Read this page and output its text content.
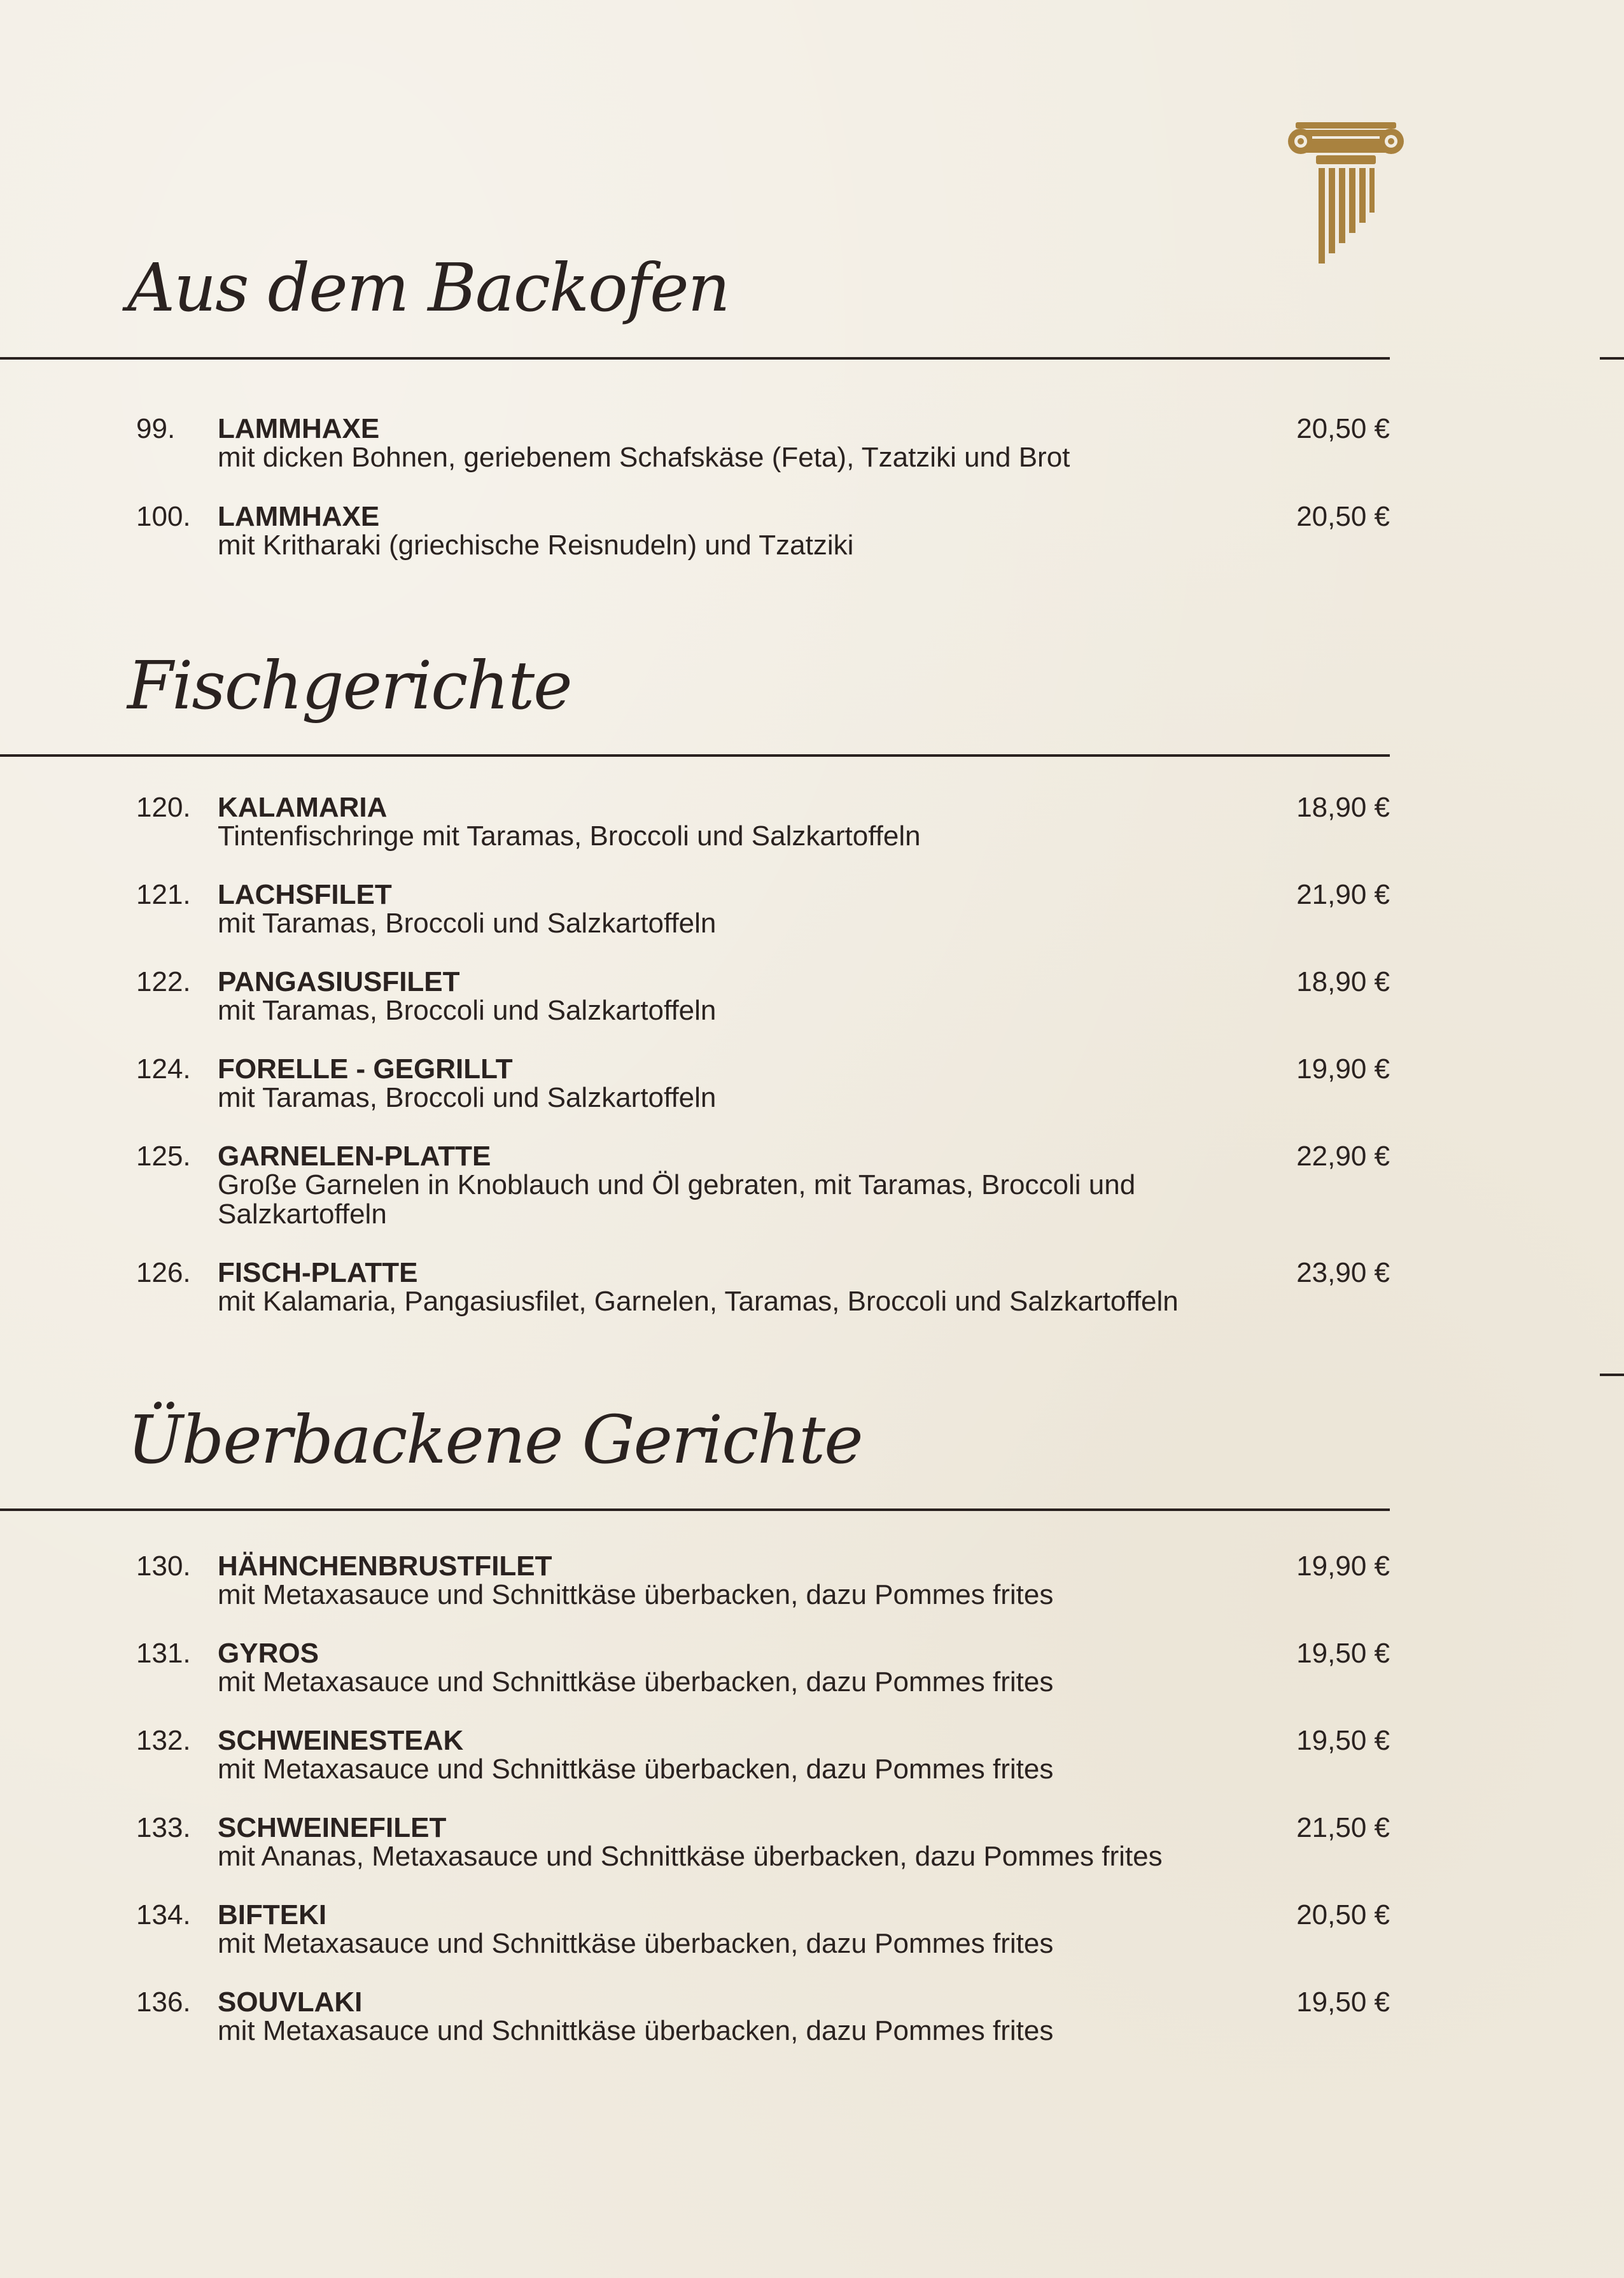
Aus dem Backofen
99. LAMMHAXE
mit dicken Bohnen, geriebenem Schafskäse (Feta), Tzatziki und Brot
20,50 €
100. LAMMHAXE
mit Kritharaki (griechische Reisnudeln) und Tzatziki
20,50 €
Fischgerichte
120. KALAMARIA
Tintenfischringe mit Taramas, Broccoli und Salzkartoffeln
18,90 €
121. LACHSFILET
mit Taramas, Broccoli und Salzkartoffeln
21,90 €
122. PANGASIUSFILET
mit Taramas, Broccoli und Salzkartoffeln
18,90 €
124. FORELLE - GEGRILLT
mit Taramas, Broccoli und Salzkartoffeln
19,90 €
125. GARNELEN-PLATTE
Große Garnelen in Knoblauch und Öl gebraten, mit Taramas, Broccoli und Salzkartoffeln
22,90 €
126. FISCH-PLATTE
mit Kalamaria, Pangasiusfilet, Garnelen, Taramas, Broccoli und Salzkartoffeln
23,90 €
Überbackene Gerichte
130. HÄHNCHENBRUSTFILET
mit Metaxasauce und Schnittkäse überbacken, dazu Pommes frites
19,90 €
131. GYROS
mit Metaxasauce und Schnittkäse überbacken, dazu Pommes frites
19,50 €
132. SCHWEINESTEAK
mit Metaxasauce und Schnittkäse überbacken, dazu Pommes frites
19,50 €
133. SCHWEINEFILET
mit Ananas, Metaxasauce und Schnittkäse überbacken, dazu Pommes frites
21,50 €
134. BIFTEKI
mit Metaxasauce und Schnittkäse überbacken, dazu Pommes frites
20,50 €
136. SOUVLAKI
mit Metaxasauce und Schnittkäse überbacken, dazu Pommes frites
19,50 €
